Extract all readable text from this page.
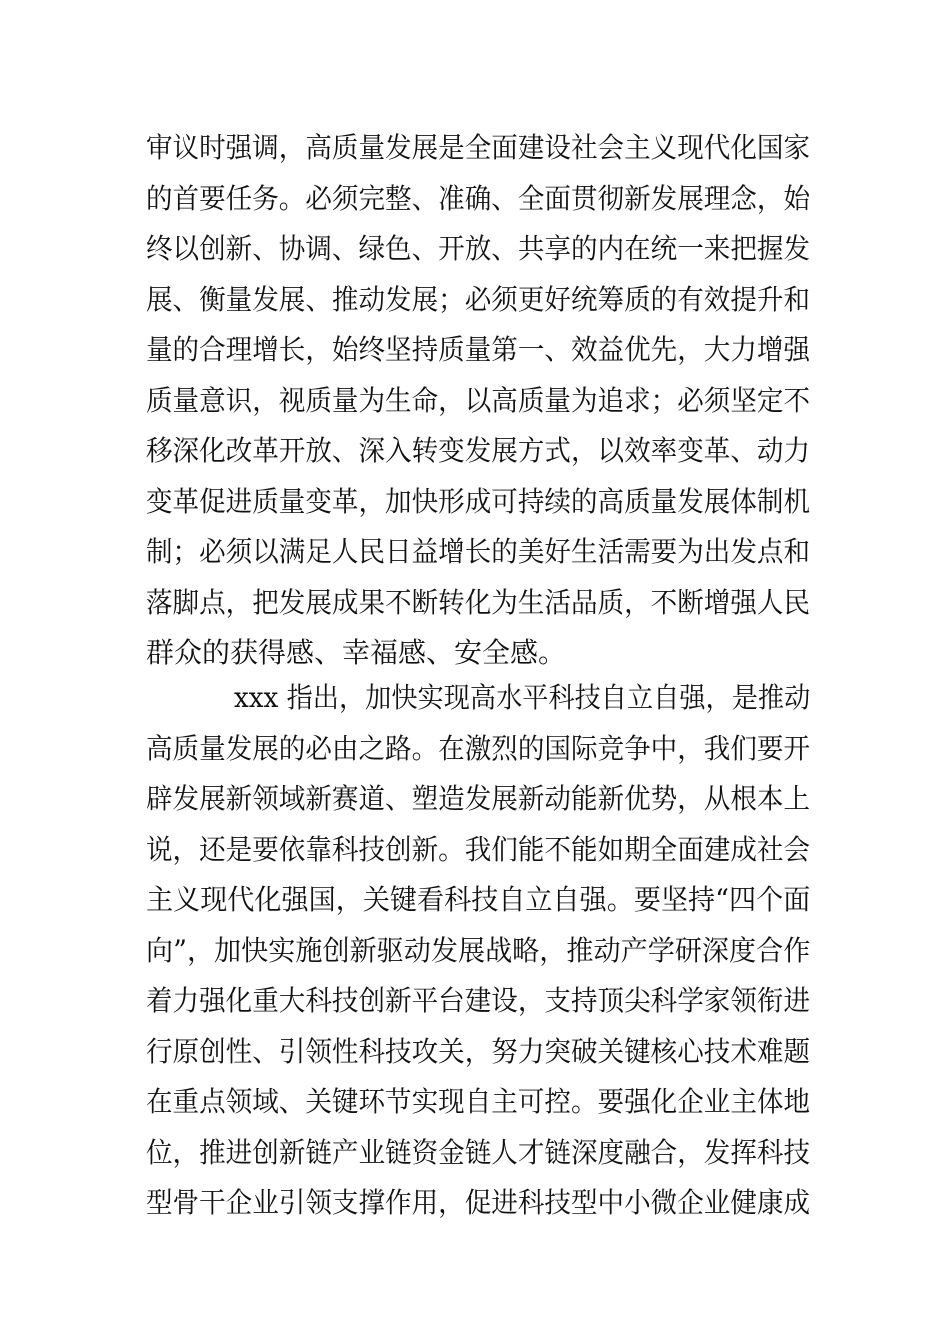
审议时强调，高质量发展是全面建设社会主义现代化国家
的首要任务。必须完整、准确、全面贯彻新发展理念，始
终以创新、协调、绿色、开放、共享的内在统一来把握发
展、衡量发展、推动发展；必须更好统筹质的有效提升和
量的合理增长，始终坚持质量第一、效益优先，大力增强
质量意识，视质量为生命，以高质量为追求；必须坚定不
移深化改革开放、深入转变发展方式，以效率变革、动力
变革促进质量变革，加快形成可持续的高质量发展体制机
制；必须以满足人民日益增长的美好生活需要为出发点和
落脚点，把发展成果不断转化为生活品质，不断增强人民
群众的获得感、幸福感、安全感。
xxx 指出，加快实现高水平科技自立自强，是推动
高质量发展的必由之路。在激烈的国际竞争中，我们要开
辟发展新领域新赛道、塑造发展新动能新优势，从根本上
说，还是要依靠科技创新。我们能不能如期全面建成社会
主义现代化强国，关键看科技自立自强。要坚持“四个面
向”，加快实施创新驱动发展战略，推动产学研深度合作
着力强化重大科技创新平台建设，支持顶尖科学家领衔进
行原创性、引领性科技攻关，努力突破关键核心技术难题
在重点领域、关键环节实现自主可控。要强化企业主体地
位，推进创新链产业链资金链人才链深度融合，发挥科技
型骨干企业引领支撑作用，促进科技型中小微企业健康成
